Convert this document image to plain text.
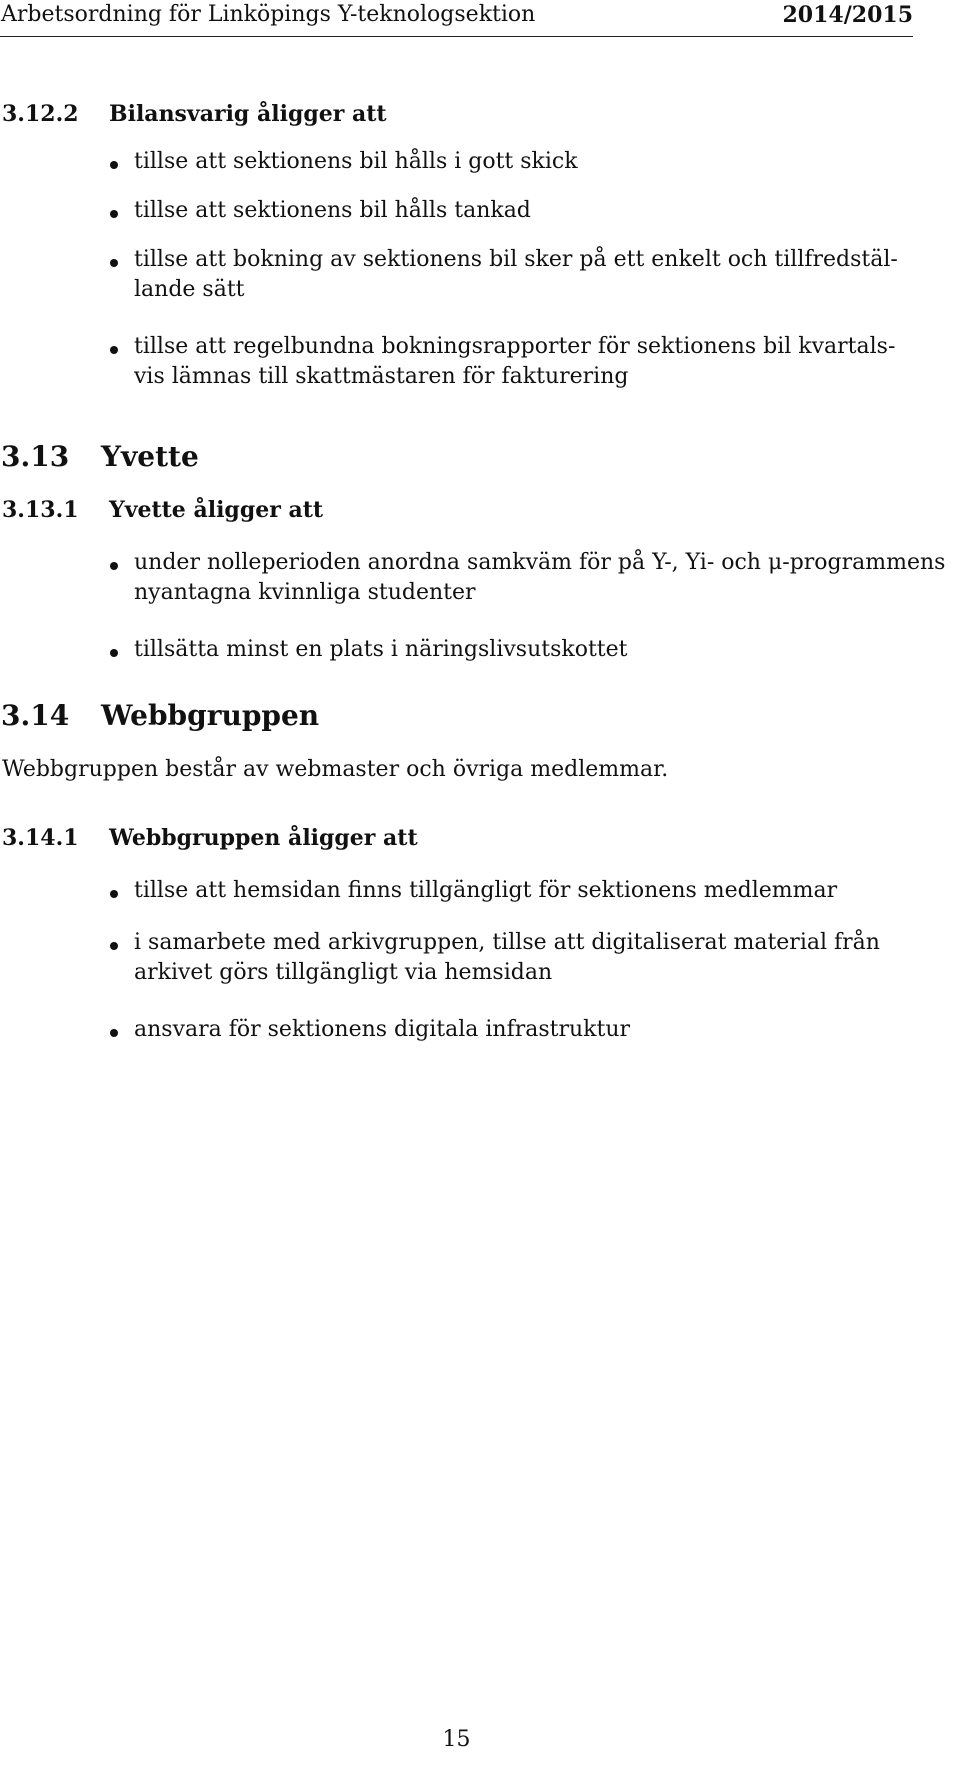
Arbetsordning för Linköpings Y-teknologsektion	2014/2015
3.12.2 Bilansvarig åligger att
tillse att sektionens bil hålls i gott skick
tillse att sektionens bil hålls tankad
tillse att bokning av sektionens bil sker på ett enkelt och tillfredstäl-
lande sätt
tillse att regelbundna bokningsrapporter för sektionens bil kvartals-
vis lämnas till skattmästaren för fakturering
3.13 Yvette
3.13.1 Yvette åligger att
under nolleperioden anordna samkväm för på Y-, Yi- och μ-programmens
nyantagna kvinnliga studenter
tillsätta minst en plats i näringslivsutskottet
3.14 Webbgruppen
Webbgruppen består av webmaster och övriga medlemmar.
3.14.1 Webbgruppen åligger att
tillse att hemsidan finns tillgängligt för sektionens medlemmar
i samarbete med arkivgruppen, tillse att digitaliserat material från
arkivet görs tillgängligt via hemsidan
ansvara för sektionens digitala infrastruktur
15
